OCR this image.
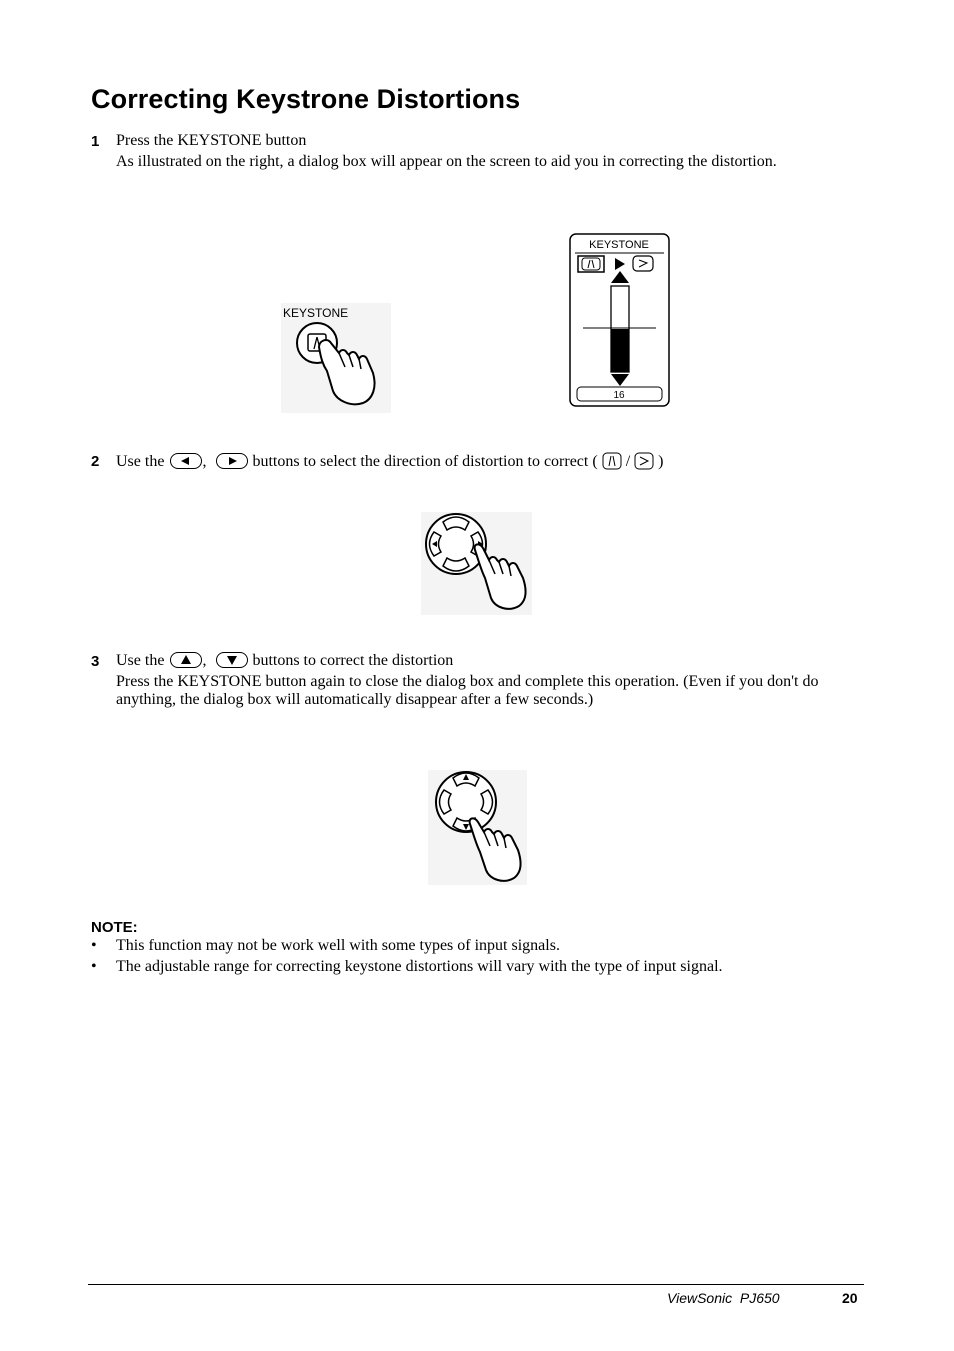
Correcting Keystrone Distortions
1 Press the KEYSTONE button
As illustrated on the right, a dialog box will appear on the screen to aid you in correcting the distortion.
KEYSTONE
KEYSTONE
16
2 Use the ,	buttons to select the direction of distortion to correct ( / )
3 Use the ,	buttons to correct the distortion
Press the KEYSTONE button again to close the dialog box and complete this operation. (Even if you don't do anything, the dialog box will automatically disappear after a few seconds.)
NOTE:
• This function may not be work well with some types of input signals.
• The adjustable range for correcting keystone distortions will vary with the type of input signal.
ViewSonic  PJ650	20
